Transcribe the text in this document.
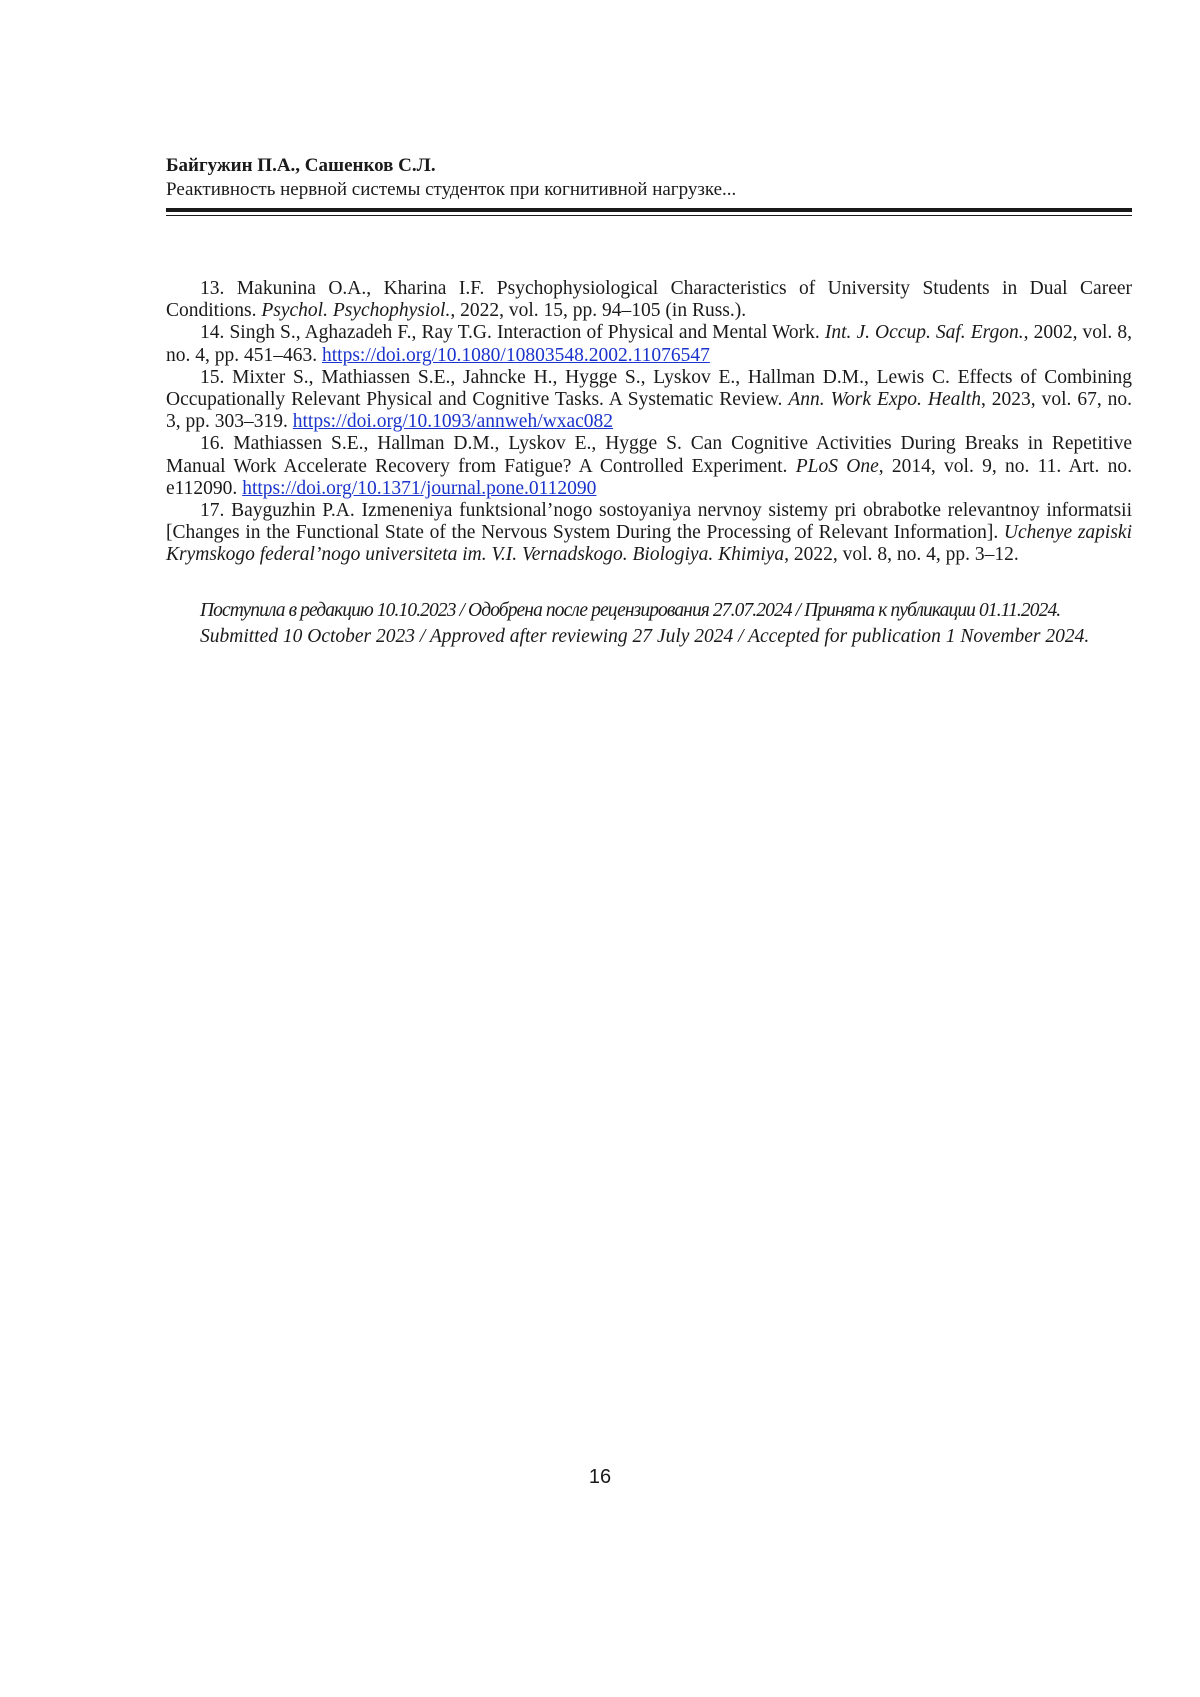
Байгужин П.А., Сашенков С.Л.
Реактивность нервной системы студенток при когнитивной нагрузке...

13. Makunina O.A., Kharina I.F. Psychophysiological Characteristics of University Students in Dual Career Conditions. Psychol. Psychophysiol., 2022, vol. 15, pp. 94–105 (in Russ.).

14. Singh S., Aghazadeh F., Ray T.G. Interaction of Physical and Mental Work. Int. J. Occup. Saf. Ergon., 2002, vol. 8, no. 4, pp. 451–463. https://doi.org/10.1080/10803548.2002.11076547

15. Mixter S., Mathiassen S.E., Jahncke H., Hygge S., Lyskov E., Hallman D.M., Lewis C. Effects of Combining Occupationally Relevant Physical and Cognitive Tasks. A Systematic Review. Ann. Work Expo. Health, 2023, vol. 67, no. 3, pp. 303–319. https://doi.org/10.1093/annweh/wxac082

16. Mathiassen S.E., Hallman D.M., Lyskov E., Hygge S. Can Cognitive Activities During Breaks in Repetitive Manual Work Accelerate Recovery from Fatigue? A Controlled Experiment. PLoS One, 2014, vol. 9, no. 11. Art. no. e112090. https://doi.org/10.1371/journal.pone.0112090

17. Bayguzhin P.A. Izmeneniya funktsional’nogo sostoyaniya nervnoy sistemy pri obrabotke relevantnoy informatsii [Changes in the Functional State of the Nervous System During the Processing of Relevant Information]. Uchenye zapiski Krymskogo federal’nogo universiteta im. V.I. Vernadskogo. Biologiya. Khimiya, 2022, vol. 8, no. 4, pp. 3–12.

Поступила в редакцию 10.10.2023 / Одобрена после рецензирования 27.07.2024 / Принята к публикации 01.11.2024.
Submitted 10 October 2023 / Approved after reviewing 27 July 2024 / Accepted for publication 1 November 2024.
16
